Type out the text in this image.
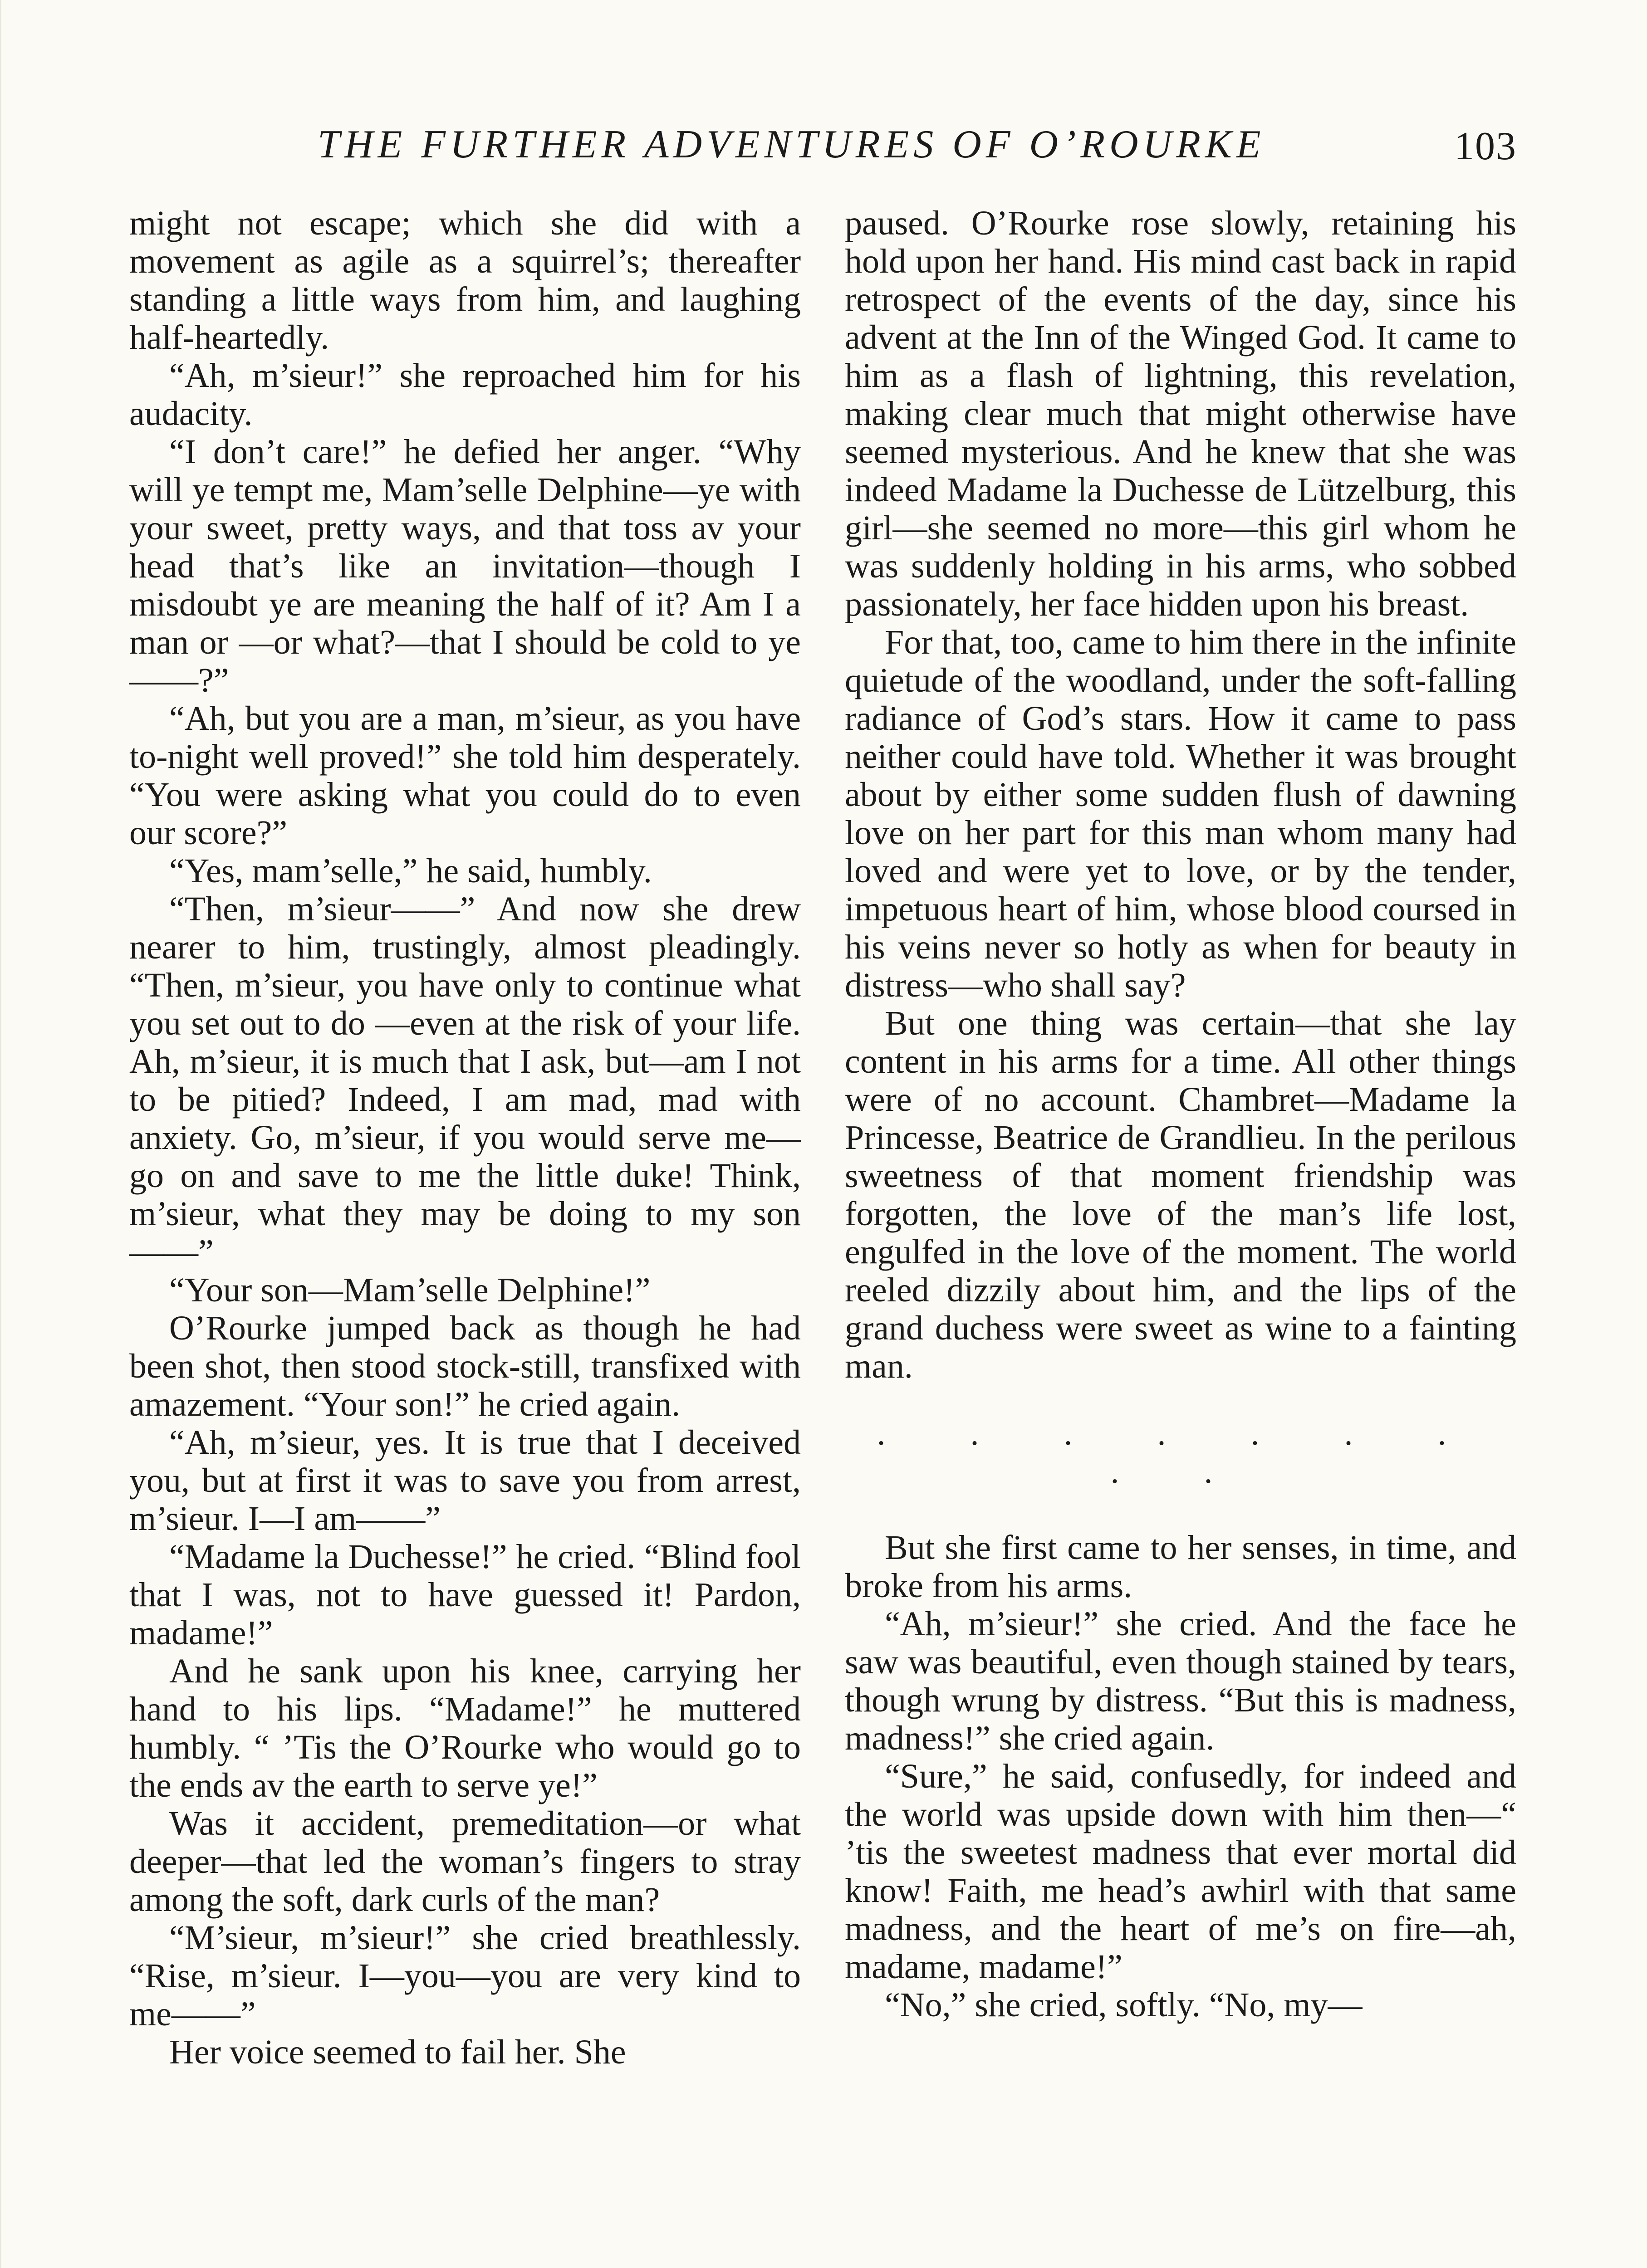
THE FURTHER ADVENTURES OF O’ROURKE	103

might not escape; which she did with a movement as agile as a squirrel’s; thereafter standing a little ways from him, and laughing half-heartedly.

“Ah, m’sieur!” she reproached him for his audacity.

“I don’t care!” he defied her anger. “Why will ye tempt me, Mam’selle Delphine—ye with your sweet, pretty ways, and that toss av your head that’s like an invitation—though I misdoubt ye are meaning the half of it? Am I a man or —or what?—that I should be cold to ye——?”

“Ah, but you are a man, m’sieur, as you have to-night well proved!” she told him desperately. “You were asking what you could do to even our score?”

“Yes, mam’selle,” he said, humbly.

“Then, m’sieur——” And now she drew nearer to him, trustingly, almost pleadingly. “Then, m’sieur, you have only to continue what you set out to do —even at the risk of your life. Ah, m’sieur, it is much that I ask, but—am I not to be pitied? Indeed, I am mad, mad with anxiety. Go, m’sieur, if you would serve me—go on and save to me the little duke! Think, m’sieur, what they may be doing to my son——”

“Your son—Mam’selle Delphine!”

O’Rourke jumped back as though he had been shot, then stood stock-still, transfixed with amazement. “Your son!” he cried again.

“Ah, m’sieur, yes. It is true that I deceived you, but at first it was to save you from arrest, m’sieur. I—I am——”

“Madame la Duchesse!” he cried. “Blind fool that I was, not to have guessed it! Pardon, madame!”

And he sank upon his knee, carrying her hand to his lips. “Madame!” he muttered humbly. “ ’Tis the O’Rourke who would go to the ends av the earth to serve ye!”

Was it accident, premeditation—or what deeper—that led the woman’s fingers to stray among the soft, dark curls of the man?

“M’sieur, m’sieur!” she cried breathlessly. “Rise, m’sieur. I—you—you are very kind to me——”

Her voice seemed to fail her. She

paused. O’Rourke rose slowly, retaining his hold upon her hand. His mind cast back in rapid retrospect of the events of the day, since his advent at the Inn of the Winged God. It came to him as a flash of lightning, this revelation, making clear much that might otherwise have seemed mysterious. And he knew that she was indeed Madame la Duchesse de Lützelburg, this girl—she seemed no more—this girl whom he was suddenly holding in his arms, who sobbed passionately, her face hidden upon his breast.

For that, too, came to him there in the infinite quietude of the woodland, under the soft-falling radiance of God’s stars. How it came to pass neither could have told. Whether it was brought about by either some sudden flush of dawning love on her part for this man whom many had loved and were yet to love, or by the tender, impetuous heart of him, whose blood coursed in his veins never so hotly as when for beauty in distress—who shall say?

But one thing was certain—that she lay content in his arms for a time. All other things were of no account. Chambret—Madame la Princesse, Beatrice de Grandlieu. In the perilous sweetness of that moment friendship was forgotten, the love of the man’s life lost, engulfed in the love of the moment. The world reeled dizzily about him, and the lips of the grand duchess were sweet as wine to a fainting man.

. . . . . . . . .

But she first came to her senses, in time, and broke from his arms.

“Ah, m’sieur!” she cried. And the face he saw was beautiful, even though stained by tears, though wrung by distress. “But this is madness, madness!” she cried again.

“Sure,” he said, confusedly, for indeed and the world was upside down with him then—“ ’tis the sweetest madness that ever mortal did know! Faith, me head’s awhirl with that same madness, and the heart of me’s on fire—ah, madame, madame!”

“No,” she cried, softly. “No, my—
